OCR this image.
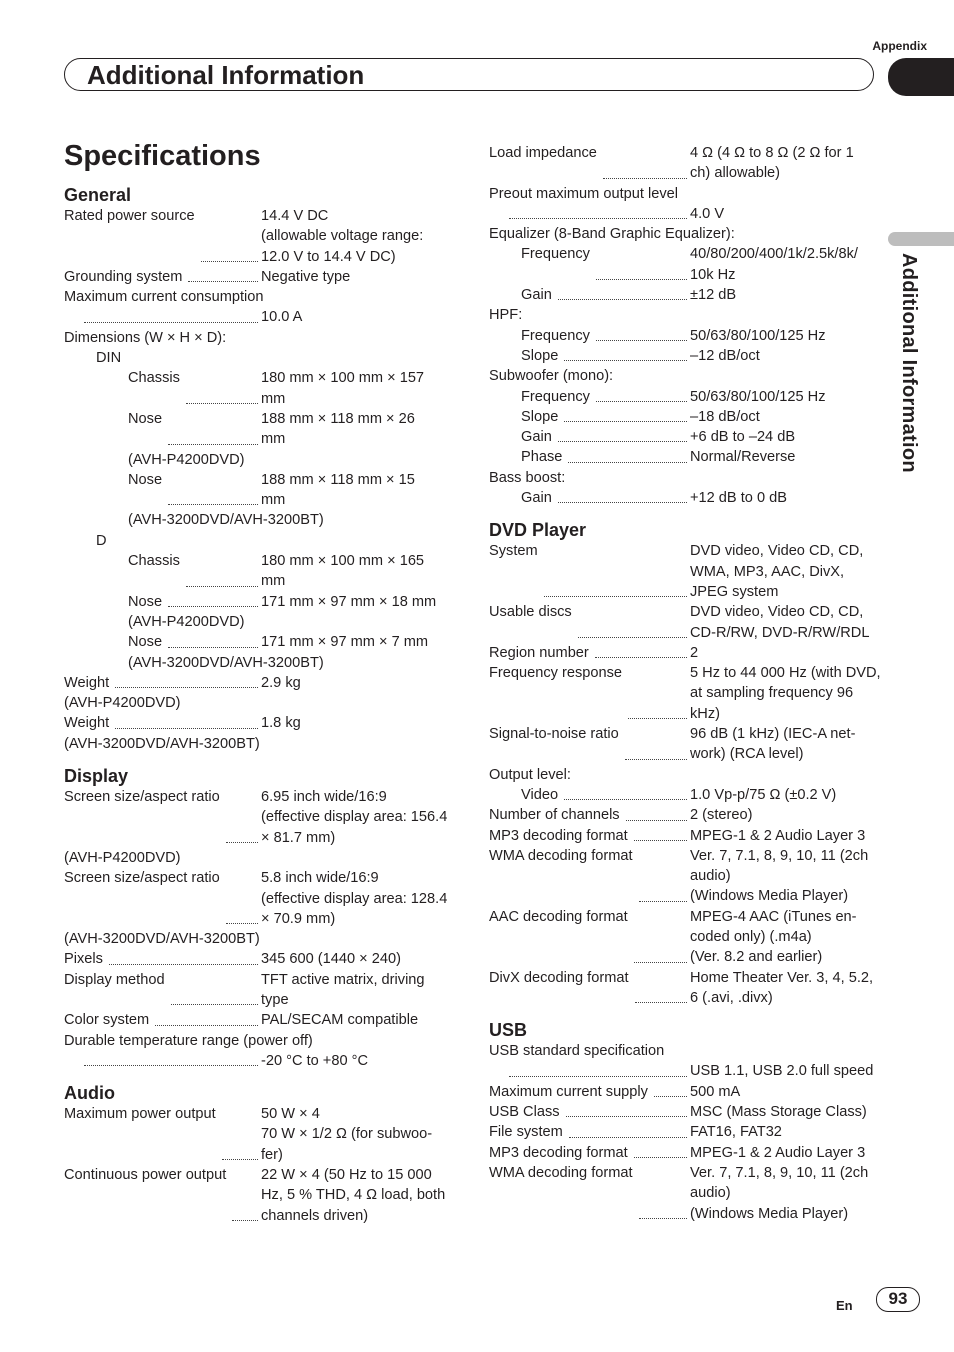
Appendix
Additional Information
Additional Information
Specifications
General
Rated power source	14.4 V DC
(allowable voltage range:
12.0 V to 14.4 V DC)
Grounding system	Negative type
Maximum current consumption
10.0 A
Dimensions (W × H × D):
DIN
Chassis	180 mm × 100 mm × 157
mm
Nose	188 mm × 118 mm × 26
mm
(AVH-P4200DVD)
Nose	188 mm × 118 mm × 15
mm
(AVH-3200DVD/AVH-3200BT)
D
Chassis	180 mm × 100 mm × 165
mm
Nose	171 mm × 97 mm × 18 mm
(AVH-P4200DVD)
Nose	171 mm × 97 mm × 7 mm
(AVH-3200DVD/AVH-3200BT)
Weight	2.9 kg
(AVH-P4200DVD)
Weight	1.8 kg
(AVH-3200DVD/AVH-3200BT)
Display
Screen size/aspect ratio	6.95 inch wide/16:9
(effective display area: 156.4
× 81.7 mm)
(AVH-P4200DVD)
Screen size/aspect ratio	5.8 inch wide/16:9
(effective display area: 128.4
× 70.9 mm)
(AVH-3200DVD/AVH-3200BT)
Pixels	345 600 (1440 × 240)
Display method	TFT active matrix, driving
type
Color system	PAL/SECAM compatible
Durable temperature range (power off)
-20 °C to +80 °C
Audio
Maximum power output	50 W × 4
70 W × 1/2 Ω (for subwoo-
fer)
Continuous power output 22 W × 4 (50 Hz to 15 000
Hz, 5 % THD, 4 Ω load, both
channels driven)
Load impedance	4 Ω (4 Ω to 8 Ω (2 Ω for 1
ch) allowable)
Preout maximum output level
4.0 V
Equalizer (8-Band Graphic Equalizer):
Frequency	40/80/200/400/1k/2.5k/8k/
10k Hz
Gain	±12 dB
HPF:
Frequency	50/63/80/100/125 Hz
Slope	–12 dB/oct
Subwoofer (mono):
Frequency	50/63/80/100/125 Hz
Slope	–18 dB/oct
Gain	+6 dB to –24 dB
Phase	Normal/Reverse
Bass boost:
Gain	+12 dB to 0 dB
DVD Player
System	DVD video, Video CD, CD,
WMA, MP3, AAC, DivX,
JPEG system
Usable discs	DVD video, Video CD, CD,
CD-R/RW, DVD-R/RW/RDL
Region number	2
Frequency response	5 Hz to 44 000 Hz (with DVD,
at sampling frequency 96
kHz)
Signal-to-noise ratio	96 dB (1 kHz) (IEC-A net-
work) (RCA level)
Output level:
Video	1.0 Vp-p/75 Ω (±0.2 V)
Number of channels	2 (stereo)
MP3 decoding format	MPEG-1 & 2 Audio Layer 3
WMA decoding format	Ver. 7, 7.1, 8, 9, 10, 11 (2ch
audio)
(Windows Media Player)
AAC decoding format	MPEG-4 AAC (iTunes en-
coded only) (.m4a)
(Ver. 8.2 and earlier)
DivX decoding format	Home Theater Ver. 3, 4, 5.2,
6 (.avi, .divx)
USB
USB standard specification
USB 1.1, USB 2.0 full speed
Maximum current supply	500 mA
USB Class	MSC (Mass Storage Class)
File system	FAT16, FAT32
MP3 decoding format	MPEG-1 & 2 Audio Layer 3
WMA decoding format	Ver. 7, 7.1, 8, 9, 10, 11 (2ch
audio)
(Windows Media Player)
En	93
